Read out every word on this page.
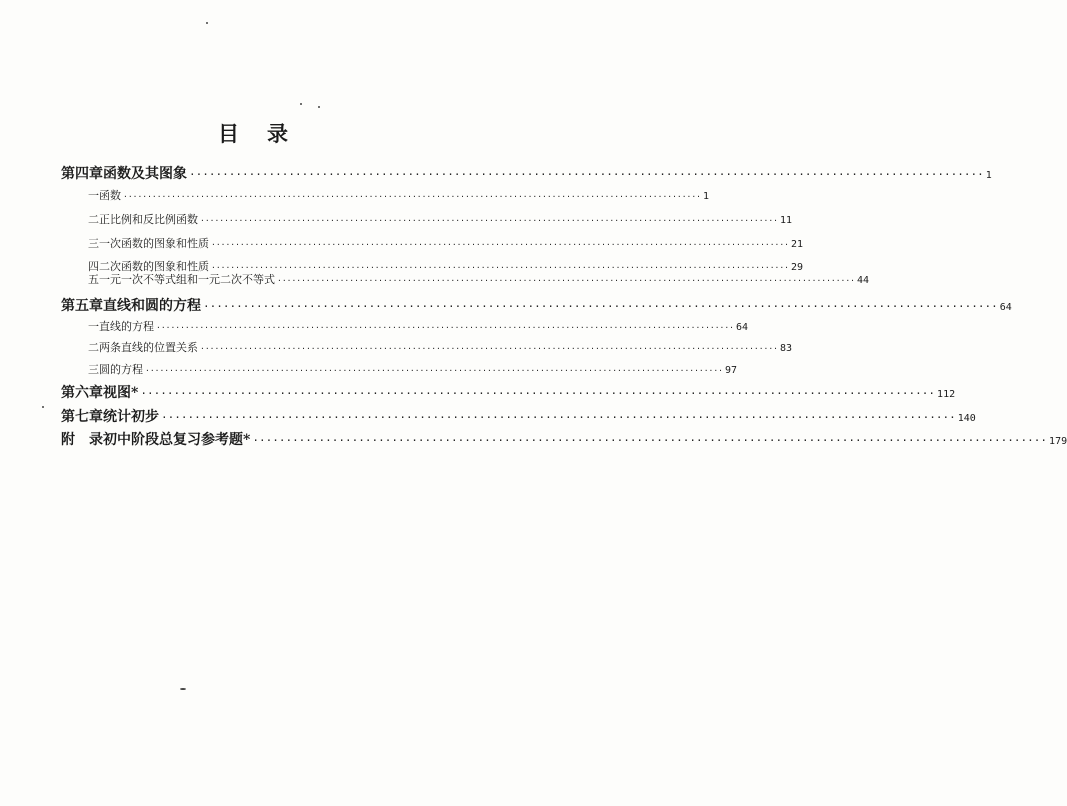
目 录
第四章 函数及其图象 ························································································································ 1
一 函数 ························································································································ 1
二 正比例和反比例函数 ························································································································ 11
三 一次函数的图象和性质 ························································································································ 21
四 二次函数的图象和性质 ························································································································ 29
五 一元一次不等式组和一元二次不等式 ························································································································ 44
第五章 直线和圆的方程 ························································································································ 64
一 直线的方程 ························································································································ 64
二 两条直线的位置关系 ························································································································ 83
三 圆的方程 ························································································································ 97
第六章 视图* ························································································································ 112
第七章 统计初步 ························································································································ 140
附　录 初中阶段总复习参考题* ························································································································ 179
